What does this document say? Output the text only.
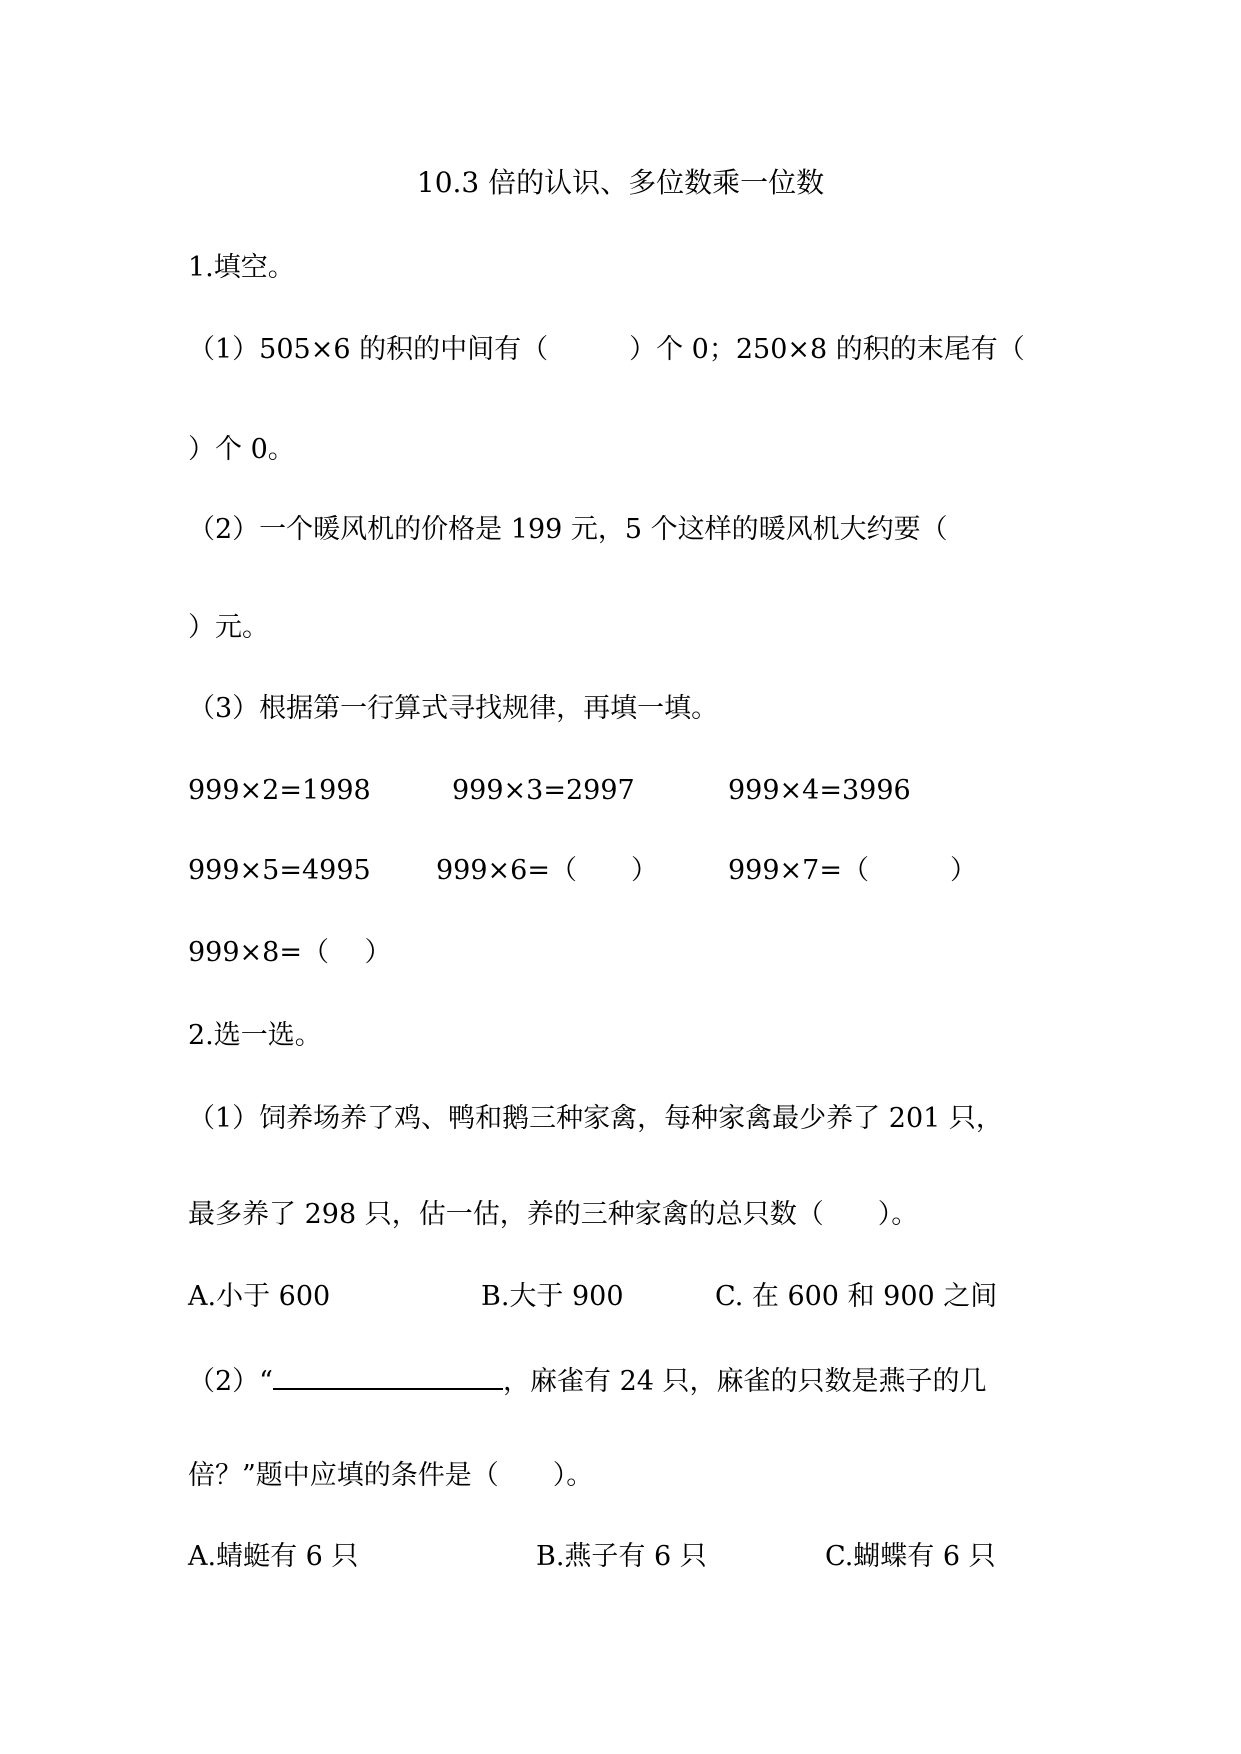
10.3 倍的认识、多位数乘一位数
1.填空。
（1）505×6 的积的中间有（　　　）个 0；250×8 的积的末尾有（
）个 0。
（2）一个暖风机的价格是 199 元，5 个这样的暖风机大约要（
）元。
（3）根据第一行算式寻找规律，再填一填。
999×2=1998	999×3=2997	999×4=3996
999×5=4995 999×6=（　　）	999×7=（　　　）
999×8=（　 ）
2.选一选。
（1）饲养场养了鸡、鸭和鹅三种家禽，每种家禽最少养了 201 只，
最多养了 298 只，估一估，养的三种家禽的总只数（　　）。
A.小于 600	B.大于 900	C. 在 600 和 900 之间
（2）“	，麻雀有 24 只，麻雀的只数是燕子的几
倍？”题中应填的条件是（　　）。
A.蜻蜓有 6 只	B.燕子有 6 只	C.蝴蝶有 6 只
